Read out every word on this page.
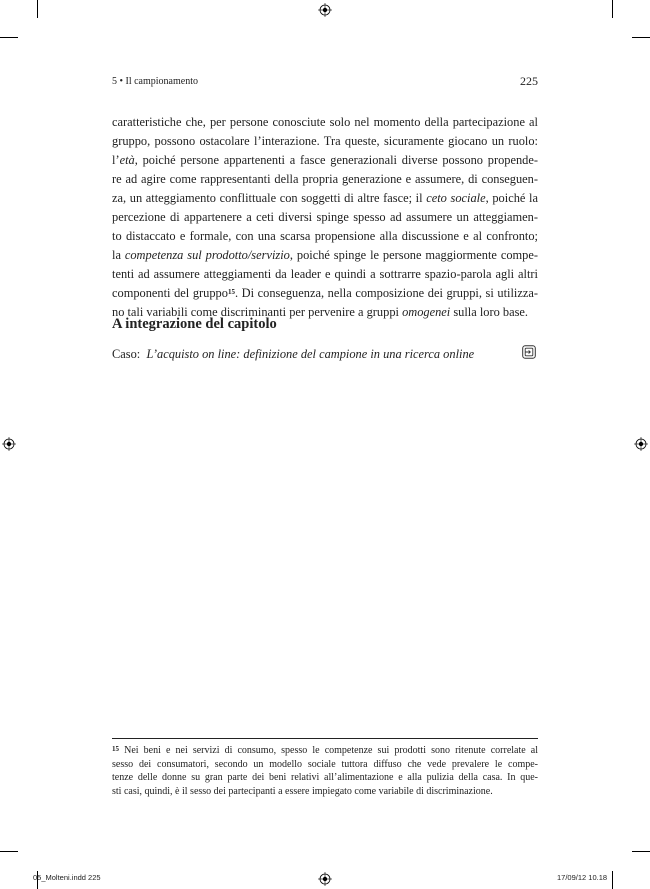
5 • Il campionamento	225
caratteristiche che, per persone conosciute solo nel momento della partecipazione al
gruppo, possono ostacolare l’interazione. Tra queste, sicuramente giocano un ruolo:
l’età, poiché persone appartenenti a fasce generazionali diverse possono propende-
re ad agire come rappresentanti della propria generazione e assumere, di conseguen-
za, un atteggiamento conflittuale con soggetti di altre fasce; il ceto sociale, poiché la
percezione di appartenere a ceti diversi spinge spesso ad assumere un atteggiamen-
to distaccato e formale, con una scarsa propensione alla discussione e al confronto;
la competenza sul prodotto/servizio, poiché spinge le persone maggiormente compe-
tenti ad assumere atteggiamenti da leader e quindi a sottrarre spazio-parola agli altri
componenti del gruppo$^{15}$. Di conseguenza, nella composizione dei gruppi, si utilizza-
no tali variabili come discriminanti per pervenire a gruppi omogenei sulla loro base.
A integrazione del capitolo
Caso: L’acquisto on line: definizione del campione in una ricerca online
$^{15}$ Nei beni e nei servizi di consumo, spesso le competenze sui prodotti sono ritenute correlate al
sesso dei consumatori, secondo un modello sociale tuttora diffuso che vede prevalere le compe-
tenze delle donne su gran parte dei beni relativi all’alimentazione e alla pulizia della casa. In que-
sti casi, quindi, è il sesso dei partecipanti a essere impiegato come variabile di discriminazione.
05_Molteni.indd 225	17/09/12 10.18
